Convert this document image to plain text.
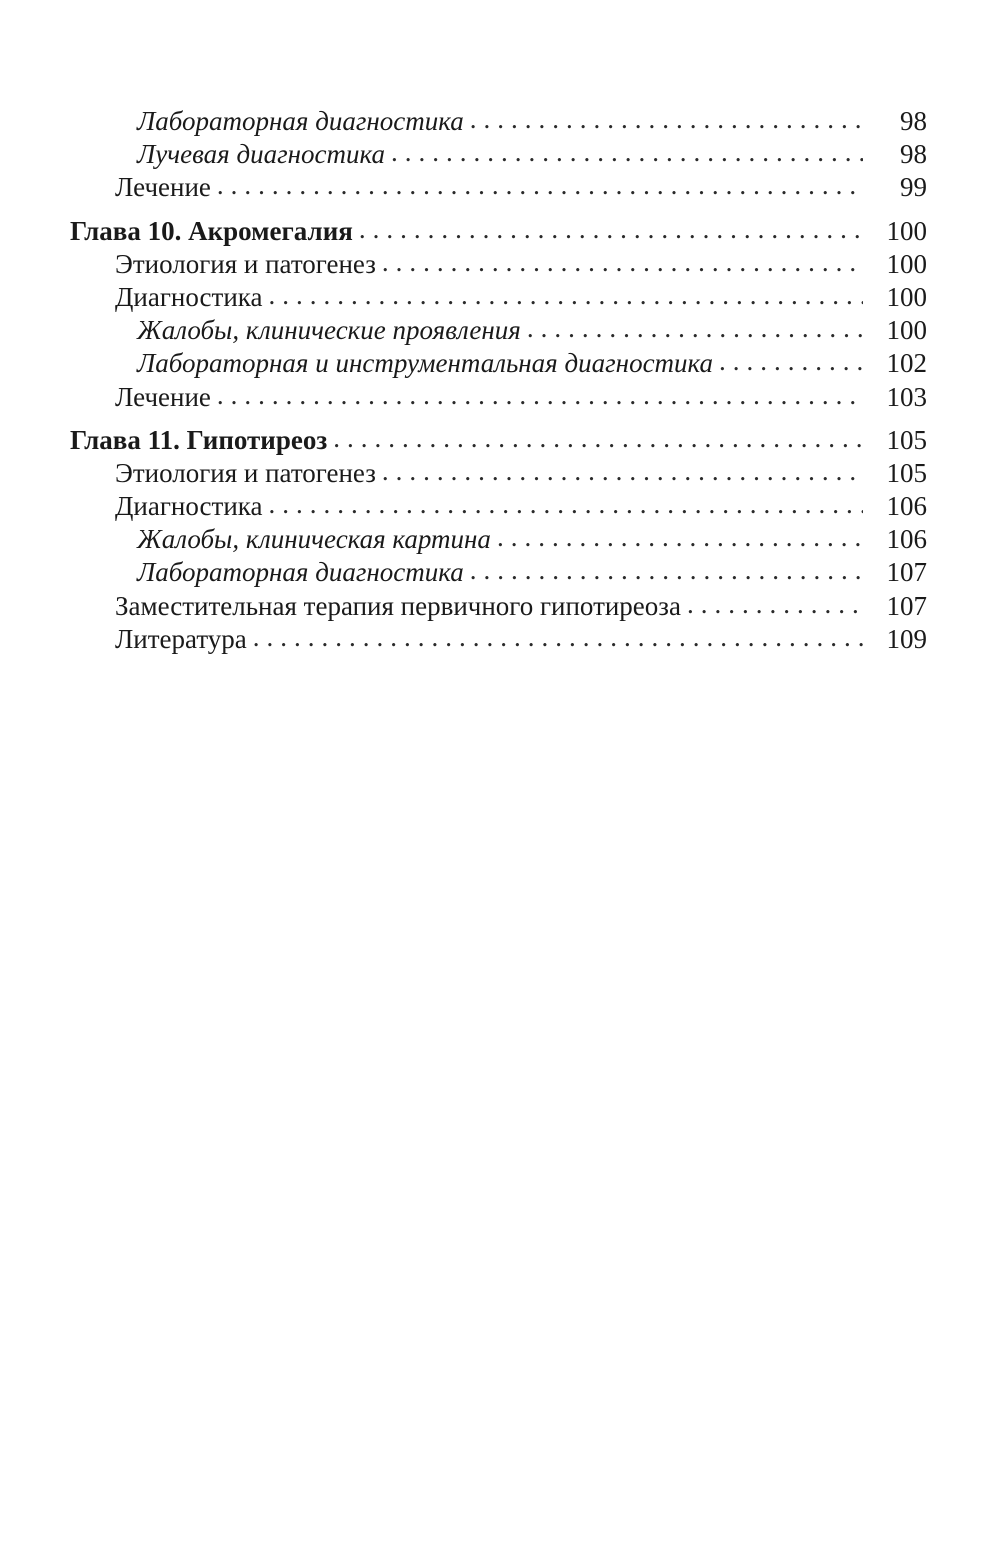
Лабораторная диагностика .....	98
Лучевая диагностика .....	98
Лечение .....	99
Глава 10. Акромегалия .....	100
Этиология и патогенез .....	100
Диагностика .....	100
Жалобы, клинические проявления .....	100
Лабораторная и инструментальная диагностика .....	102
Лечение .....	103
Глава 11. Гипотиреоз .....	105
Этиология и патогенез .....	105
Диагностика .....	106
Жалобы, клиническая картина .....	106
Лабораторная диагностика .....	107
Заместительная терапия первичного гипотиреоза .....	107
Литература .....	109
